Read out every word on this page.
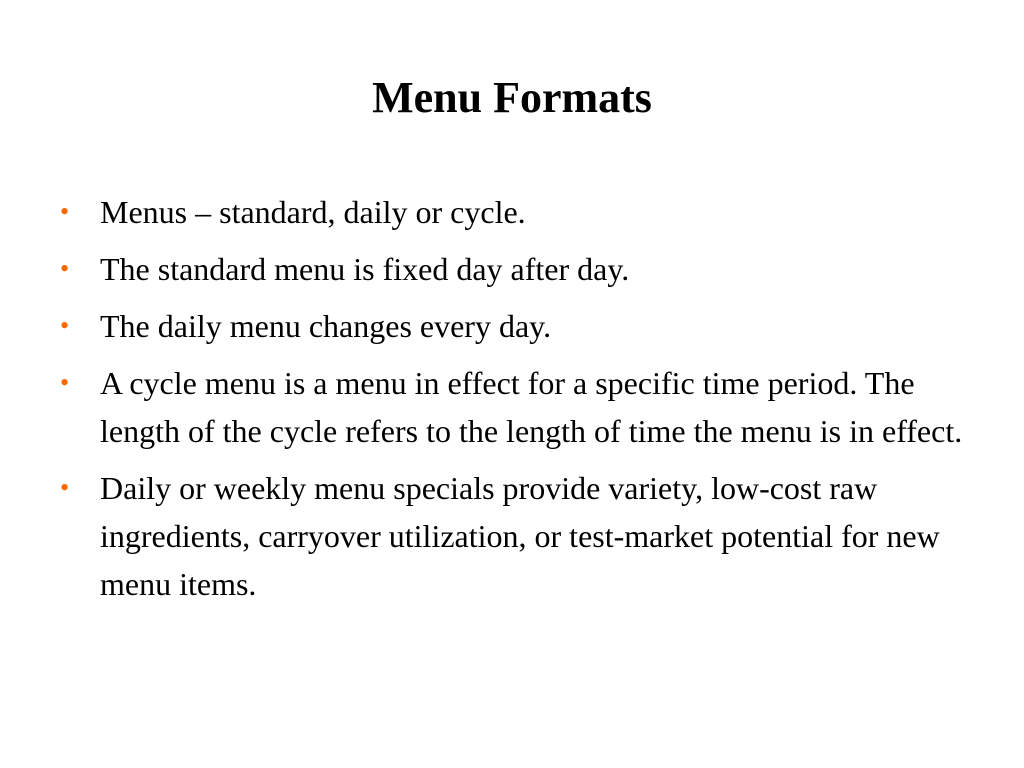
Menu Formats
• Menus – standard, daily or cycle.
• The standard menu is fixed day after day.
• The daily menu changes every day.
• A cycle menu is a menu in effect for a specific time period. The length of the cycle refers to the length of time the menu is in effect.
• Daily or weekly menu specials provide variety, low-cost raw ingredients, carryover utilization, or test-market potential for new menu items.
